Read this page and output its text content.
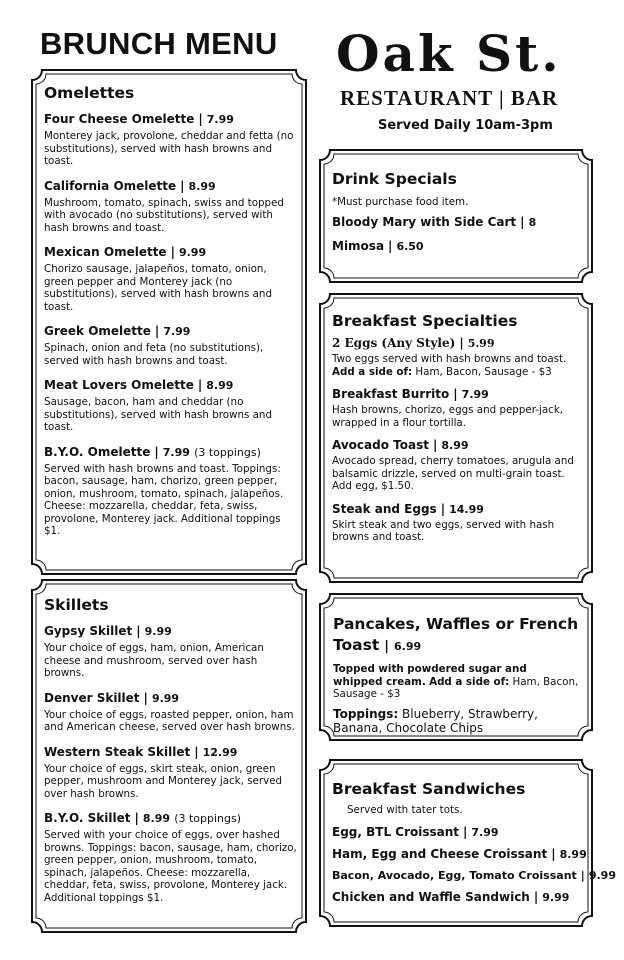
BRUNCH MENU Oak St.
RESTAURANT | BAR
Served Daily 10am-3pm
Omelettes
Four Cheese Omelette | 7.99
Monterey jack, provolone, cheddar and fetta (no substitutions), served with hash browns and toast.
California Omelette | 8.99
Mushroom, tomato, spinach, swiss and topped with avocado (no substitutions), served with hash browns and toast.
Mexican Omelette | 9.99
Chorizo sausage, jalapeños, tomato, onion, green pepper and Monterey jack (no substitutions), served with hash browns and toast.
Greek Omelette | 7.99
Spinach, onion and feta (no substitutions), served with hash browns and toast.
Meat Lovers Omelette | 8.99
Sausage, bacon, ham and cheddar (no substitutions), served with hash browns and toast.
B.Y.O. Omelette | 7.99 (3 toppings)
Served with hash browns and toast. Toppings: bacon, sausage, ham, chorizo, green pepper, onion, mushroom, tomato, spinach, jalapeños. Cheese: mozzarella, cheddar, feta, swiss, provolone, Monterey jack. Additional toppings $1.
Skillets
Gypsy Skillet | 9.99
Your choice of eggs, ham, onion, American cheese and mushroom, served over hash browns.
Denver Skillet | 9.99
Your choice of eggs, roasted pepper, onion, ham and American cheese, served over hash browns.
Western Steak Skillet | 12.99
Your choice of eggs, skirt steak, onion, green pepper, mushroom and Monterey jack, served over hash browns.
B.Y.O. Skillet | 8.99 (3 toppings)
Served with your choice of eggs, over hashed browns. Toppings: bacon, sausage, ham, chorizo, green pepper, onion, mushroom, tomato, spinach, jalapeños. Cheese: mozzarella, cheddar, feta, swiss, provolone, Monterey jack. Additional toppings $1.
Drink Specials
*Must purchase food item.
Bloody Mary with Side Cart | 8
Mimosa | 6.50
Breakfast Specialties
2 Eggs (Any Style) | 5.99
Two eggs served with hash browns and toast. Add a side of: Ham, Bacon, Sausage - $3
Breakfast Burrito | 7.99
Hash browns, chorizo, eggs and pepper-jack, wrapped in a flour tortilla.
Avocado Toast | 8.99
Avocado spread, cherry tomatoes, arugula and balsamic drizzle, served on multi-grain toast. Add egg, $1.50.
Steak and Eggs | 14.99
Skirt steak and two eggs, served with hash browns and toast.
Pancakes, Waffles or French Toast | 6.99
Topped with powdered sugar and whipped cream. Add a side of: Ham, Bacon, Sausage - $3
Toppings: Blueberry, Strawberry, Banana, Chocolate Chips
Breakfast Sandwiches
Served with tater tots.
Egg, BTL Croissant | 7.99
Ham, Egg and Cheese Croissant | 8.99
Bacon, Avocado, Egg, Tomato Croissant | 9.99
Chicken and Waffle Sandwich | 9.99
